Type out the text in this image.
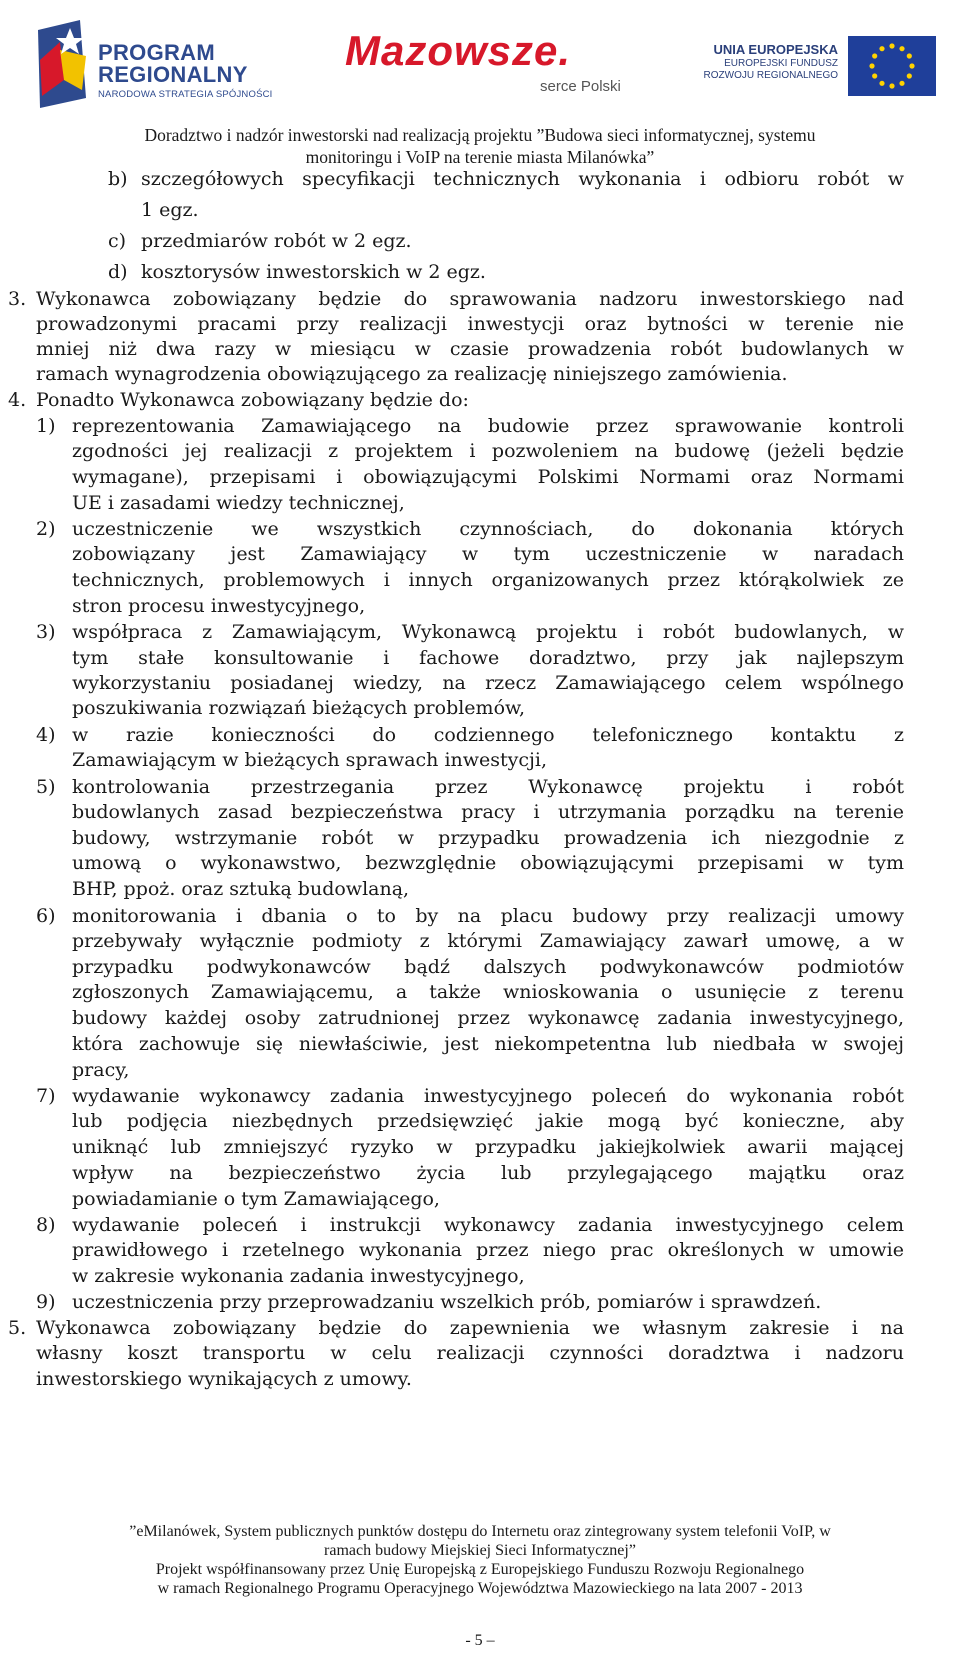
PROGRAM
REGIONALNY
NARODOWA STRATEGIA SPÓJNOŚCI
Mazowsze.
serce Polski
UNIA EUROPEJSKA
EUROPEJSKI FUNDUSZ
ROZWOJU REGIONALNEGO
Doradztwo i nadzór inwestorski nad realizacją projektu ”Budowa sieci informatycznej, systemu
monitoringu i VoIP na terenie miasta Milanówka”
b) szczegółowych specyfikacji technicznych wykonania i odbioru robót w
1 egz.
c) przedmiarów robót w 2 egz.
d) kosztorysów inwestorskich w 2 egz.
3. Wykonawca zobowiązany będzie do sprawowania nadzoru inwestorskiego nad
prowadzonymi pracami przy realizacji inwestycji oraz bytności w terenie nie
mniej niż dwa razy w miesiącu w czasie prowadzenia robót budowlanych w
ramach wynagrodzenia obowiązującego za realizację niniejszego zamówienia.
4. Ponadto Wykonawca zobowiązany będzie do:
1) reprezentowania Zamawiającego na budowie przez sprawowanie kontroli
zgodności jej realizacji z projektem i pozwoleniem na budowę (jeżeli będzie
wymagane), przepisami i obowiązującymi Polskimi Normami oraz Normami
UE i zasadami wiedzy technicznej,
2) uczestniczenie we wszystkich czynnościach, do dokonania których
zobowiązany jest Zamawiający w tym uczestniczenie w naradach
technicznych, problemowych i innych organizowanych przez którąkolwiek ze
stron procesu inwestycyjnego,
3) współpraca z Zamawiającym, Wykonawcą projektu i robót budowlanych, w
tym stałe konsultowanie i fachowe doradztwo, przy jak najlepszym
wykorzystaniu posiadanej wiedzy, na rzecz Zamawiającego celem wspólnego
poszukiwania rozwiązań bieżących problemów,
4) w razie konieczności do codziennego telefonicznego kontaktu z
Zamawiającym w bieżących sprawach inwestycji,
5) kontrolowania przestrzegania przez Wykonawcę projektu i robót
budowlanych zasad bezpieczeństwa pracy i utrzymania porządku na terenie
budowy, wstrzymanie robót w przypadku prowadzenia ich niezgodnie z
umową o wykonawstwo, bezwzględnie obowiązującymi przepisami w tym
BHP, ppoż. oraz sztuką budowlaną,
6) monitorowania i dbania o to by na placu budowy przy realizacji umowy
przebywały wyłącznie podmioty z którymi Zamawiający zawarł umowę, a w
przypadku podwykonawców bądź dalszych podwykonawców podmiotów
zgłoszonych Zamawiającemu, a także wnioskowania o usunięcie z terenu
budowy każdej osoby zatrudnionej przez wykonawcę zadania inwestycyjnego,
która zachowuje się niewłaściwie, jest niekompetentna lub niedbała w swojej
pracy,
7) wydawanie wykonawcy zadania inwestycyjnego poleceń do wykonania robót
lub podjęcia niezbędnych przedsięwzięć jakie mogą być konieczne, aby
uniknąć lub zmniejszyć ryzyko w przypadku jakiejkolwiek awarii mającej
wpływ na bezpieczeństwo życia lub przylegającego majątku oraz
powiadamianie o tym Zamawiającego,
8) wydawanie poleceń i instrukcji wykonawcy zadania inwestycyjnego celem
prawidłowego i rzetelnego wykonania przez niego prac określonych w umowie
w zakresie wykonania zadania inwestycyjnego,
9) uczestniczenia przy przeprowadzaniu wszelkich prób, pomiarów i sprawdzeń.
5. Wykonawca zobowiązany będzie do zapewnienia we własnym zakresie i na
własny koszt transportu w celu realizacji czynności doradztwa i nadzoru
inwestorskiego wynikających z umowy.
”eMilanówek, System publicznych punktów dostępu do Internetu oraz zintegrowany system telefonii VoIP, w
ramach budowy Miejskiej Sieci Informatycznej”
Projekt współfinansowany przez Unię Europejską z Europejskiego Funduszu Rozwoju Regionalnego
w ramach Regionalnego Programu Operacyjnego Województwa Mazowieckiego na lata 2007 - 2013
- 5 –
